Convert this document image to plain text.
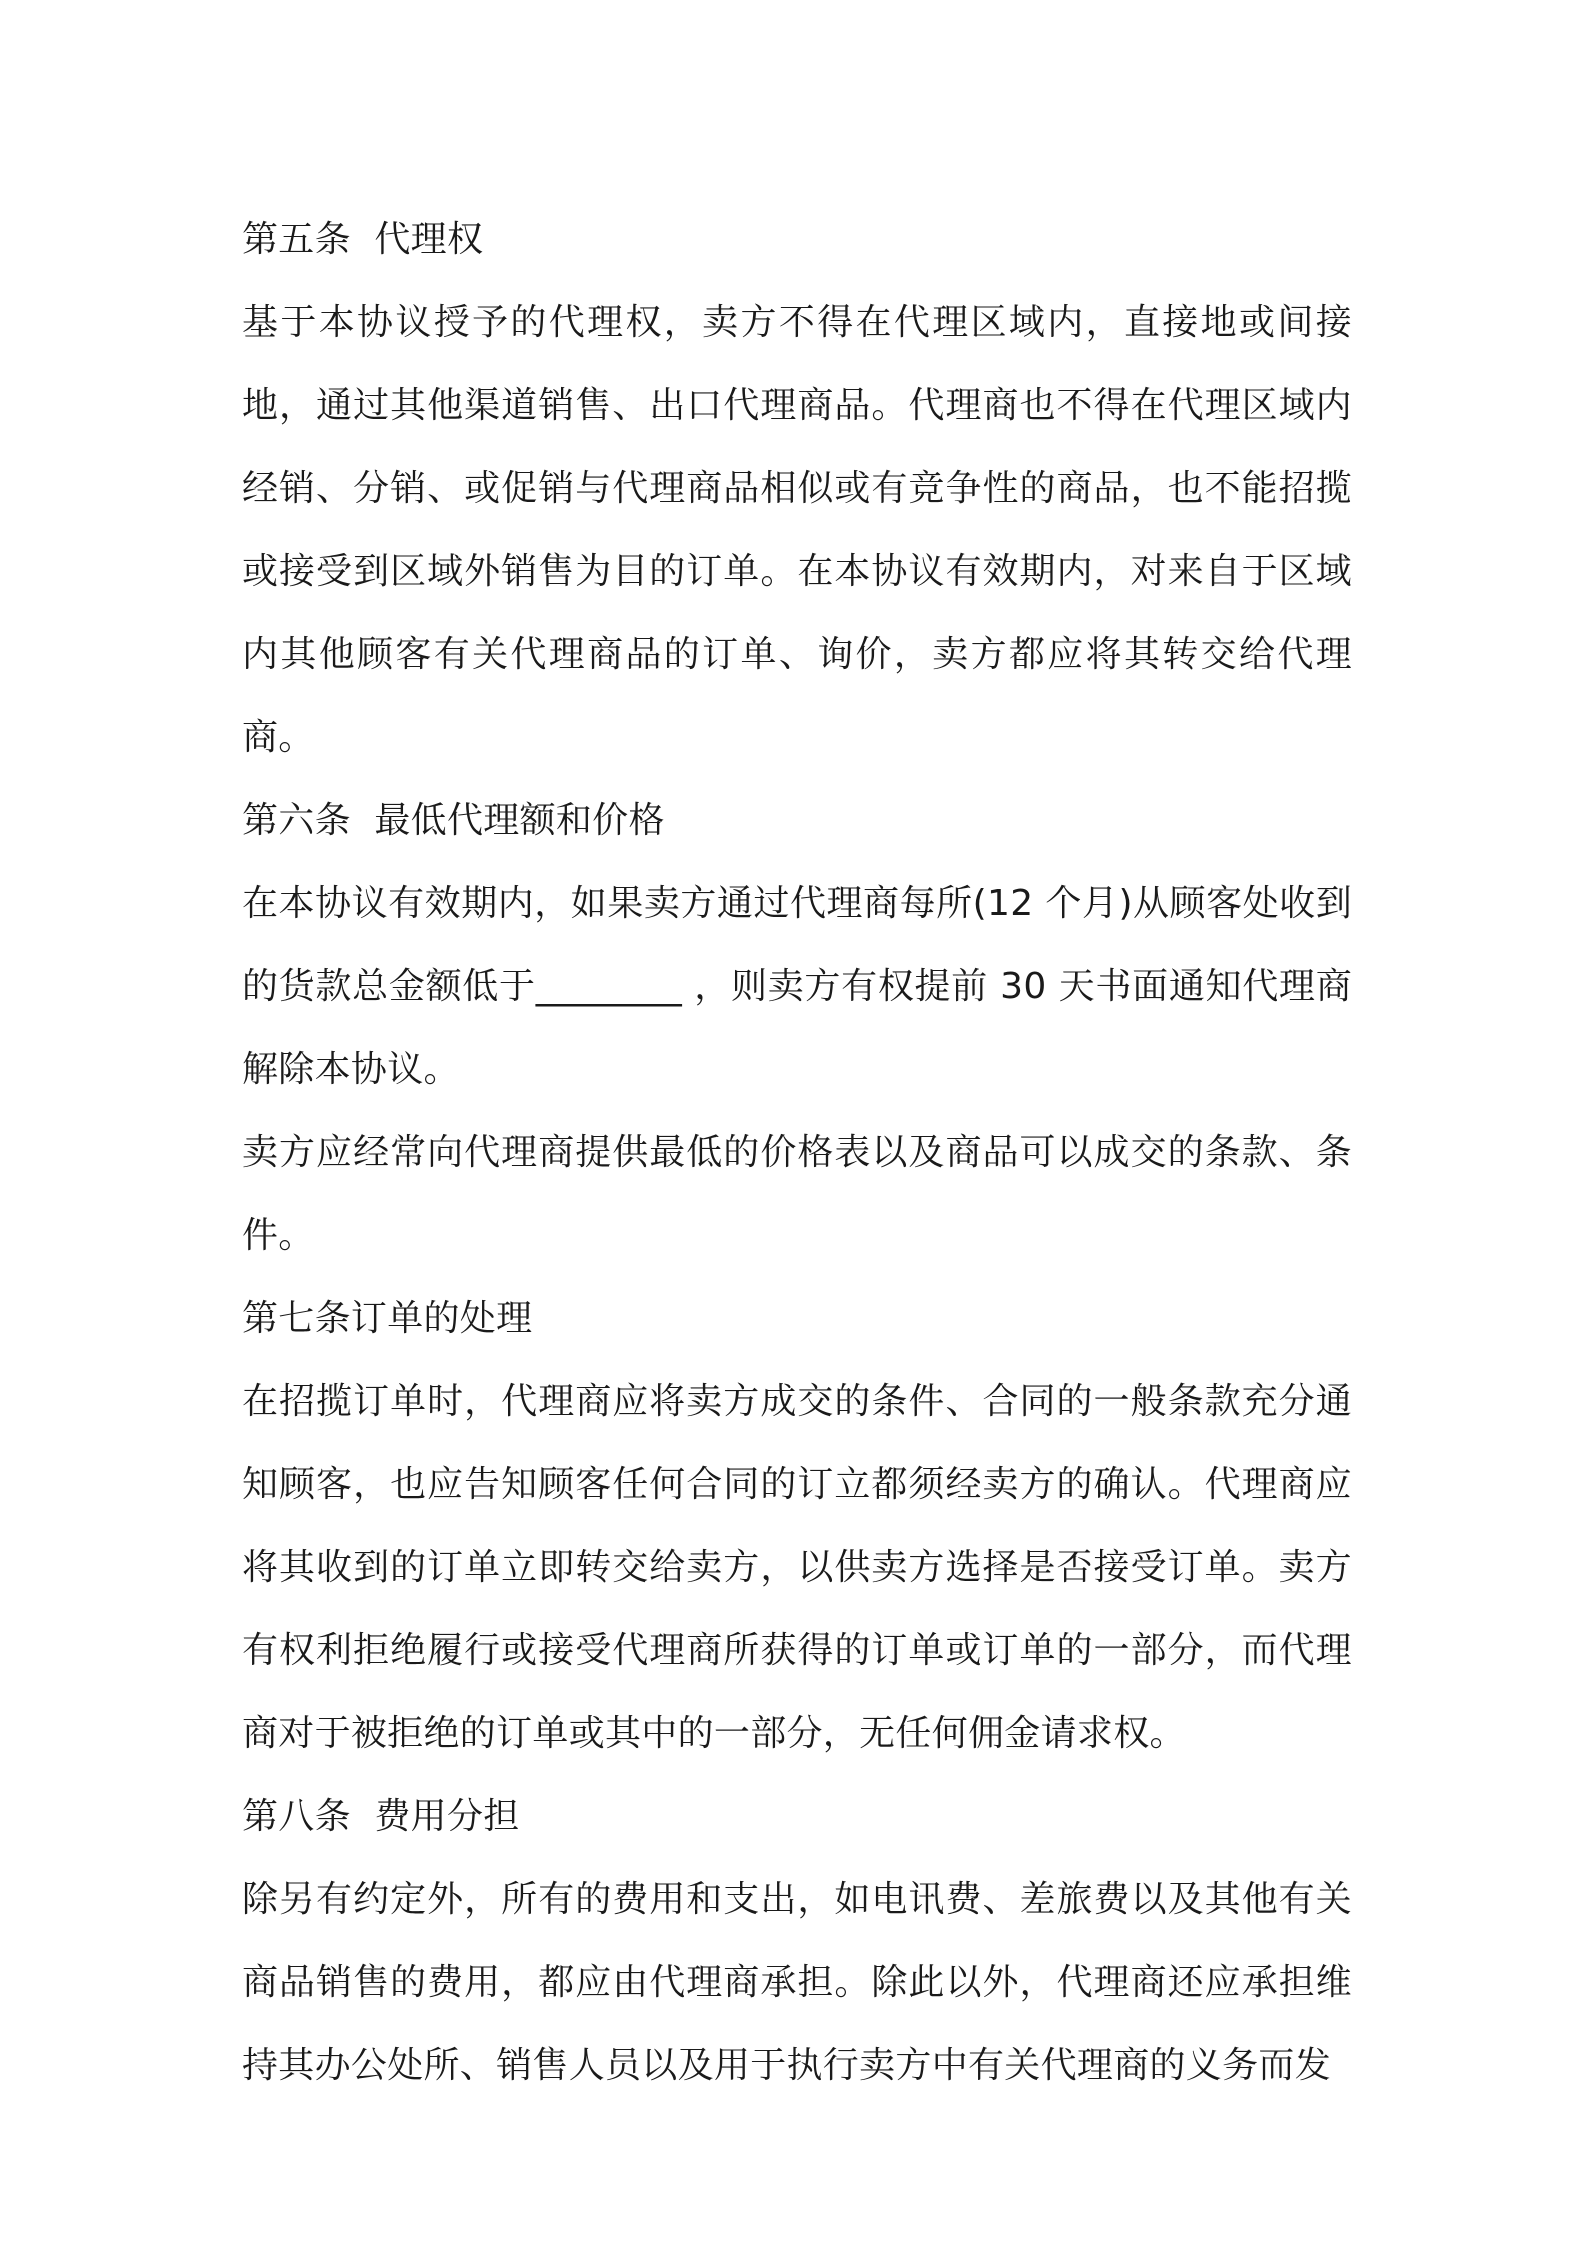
第五条  代理权

基于本协议授予的代理权，卖方不得在代理区域内，直接地或间接地，通过其他渠道销售、出口代理商品。代理商也不得在代理区域内经销、分销、或促销与代理商品相似或有竞争性的商品，也不能招揽或接受到区域外销售为目的订单。在本协议有效期内，对来自于区域内其他顾客有关代理商品的订单、询价，卖方都应将其转交给代理商。

第六条  最低代理额和价格

在本协议有效期内，如果卖方通过代理商每所(12 个月)从顾客处收到的货款总金额低于________ ，则卖方有权提前 30 天书面通知代理商解除本协议。

卖方应经常向代理商提供最低的价格表以及商品可以成交的条款、条件。

第七条订单的处理

在招揽订单时，代理商应将卖方成交的条件、合同的一般条款充分通知顾客，也应告知顾客任何合同的订立都须经卖方的确认。代理商应将其收到的订单立即转交给卖方，以供卖方选择是否接受订单。卖方有权利拒绝履行或接受代理商所获得的订单或订单的一部分，而代理商对于被拒绝的订单或其中的一部分，无任何佣金请求权。

第八条  费用分担

除另有约定外，所有的费用和支出，如电讯费、差旅费以及其他有关商品销售的费用，都应由代理商承担。除此以外，代理商还应承担维持其办公处所、销售人员以及用于执行卖方中有关代理商的义务而发
